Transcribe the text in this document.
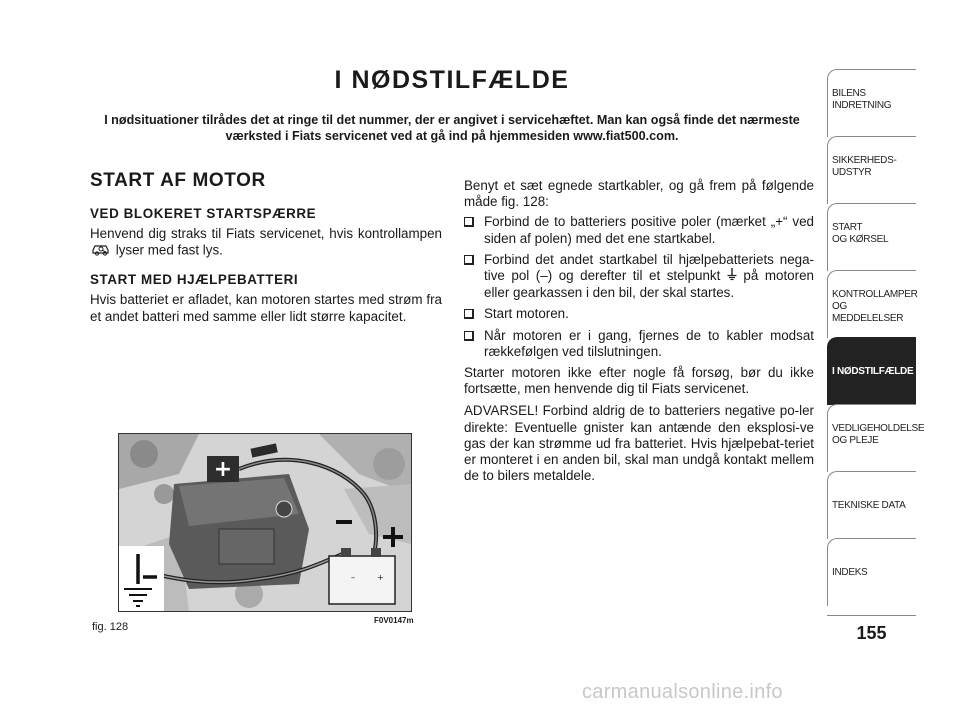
I NØDSTILFÆLDE
I nødsituationer tilrådes det at ringe til det nummer, der er angivet i servicehæftet. Man kan også finde det nærmeste værksted i Fiats servicenet ved at gå ind på hjemmesiden www.fiat500.com.
START AF MOTOR
VED BLOKERET STARTSPÆRRE

Henvend dig straks til Fiats servicenet, hvis kontrollampen  lyser med fast lys.

START MED HJÆLPEBATTERI

Hvis batteriet er afladet, kan motoren startes med strøm fra et andet batteri med samme eller lidt større kapacitet.

Benyt et sæt egnede startkabler, og gå frem på følgende måde fig. 128:

Forbind de to batteriers positive poler (mærket „+“ ved siden af polen) med det ene startkabel.
Forbind det andet startkabel til hjælpebatteriets nega-tive pol (–) og derefter til et stelpunkt på motoren eller gearkassen i den bil, der skal startes.
Start motoren.
Når motoren er i gang, fjernes de to kabler modsat rækkefølgen ved tilslutningen.

Starter motoren ikke efter nogle få forsøg, bør du ikke fortsætte, men henvende dig til Fiats servicenet.

ADVARSEL! Forbind aldrig de to batteriers negative po-ler direkte: Eventuelle gnister kan antænde den eksplosi-ve gas der kan strømme ud fra batteriet. Hvis hjælpebat-teriet er monteret i en anden bil, skal man undgå kontakt mellem de to bilers metaldele.

+
–	+
fig. 128
F0V0147m
BILENS
INDRETNING
SIKKERHEDS-
UDSTYR
START
OG KØRSEL
KONTROLLAMPER
OG MEDDELELSER
I NØDSTILFÆLDE
VEDLIGEHOLDELSE
OG PLEJE
TEKNISKE DATA
INDEKS
155
carmanualsonline.info
